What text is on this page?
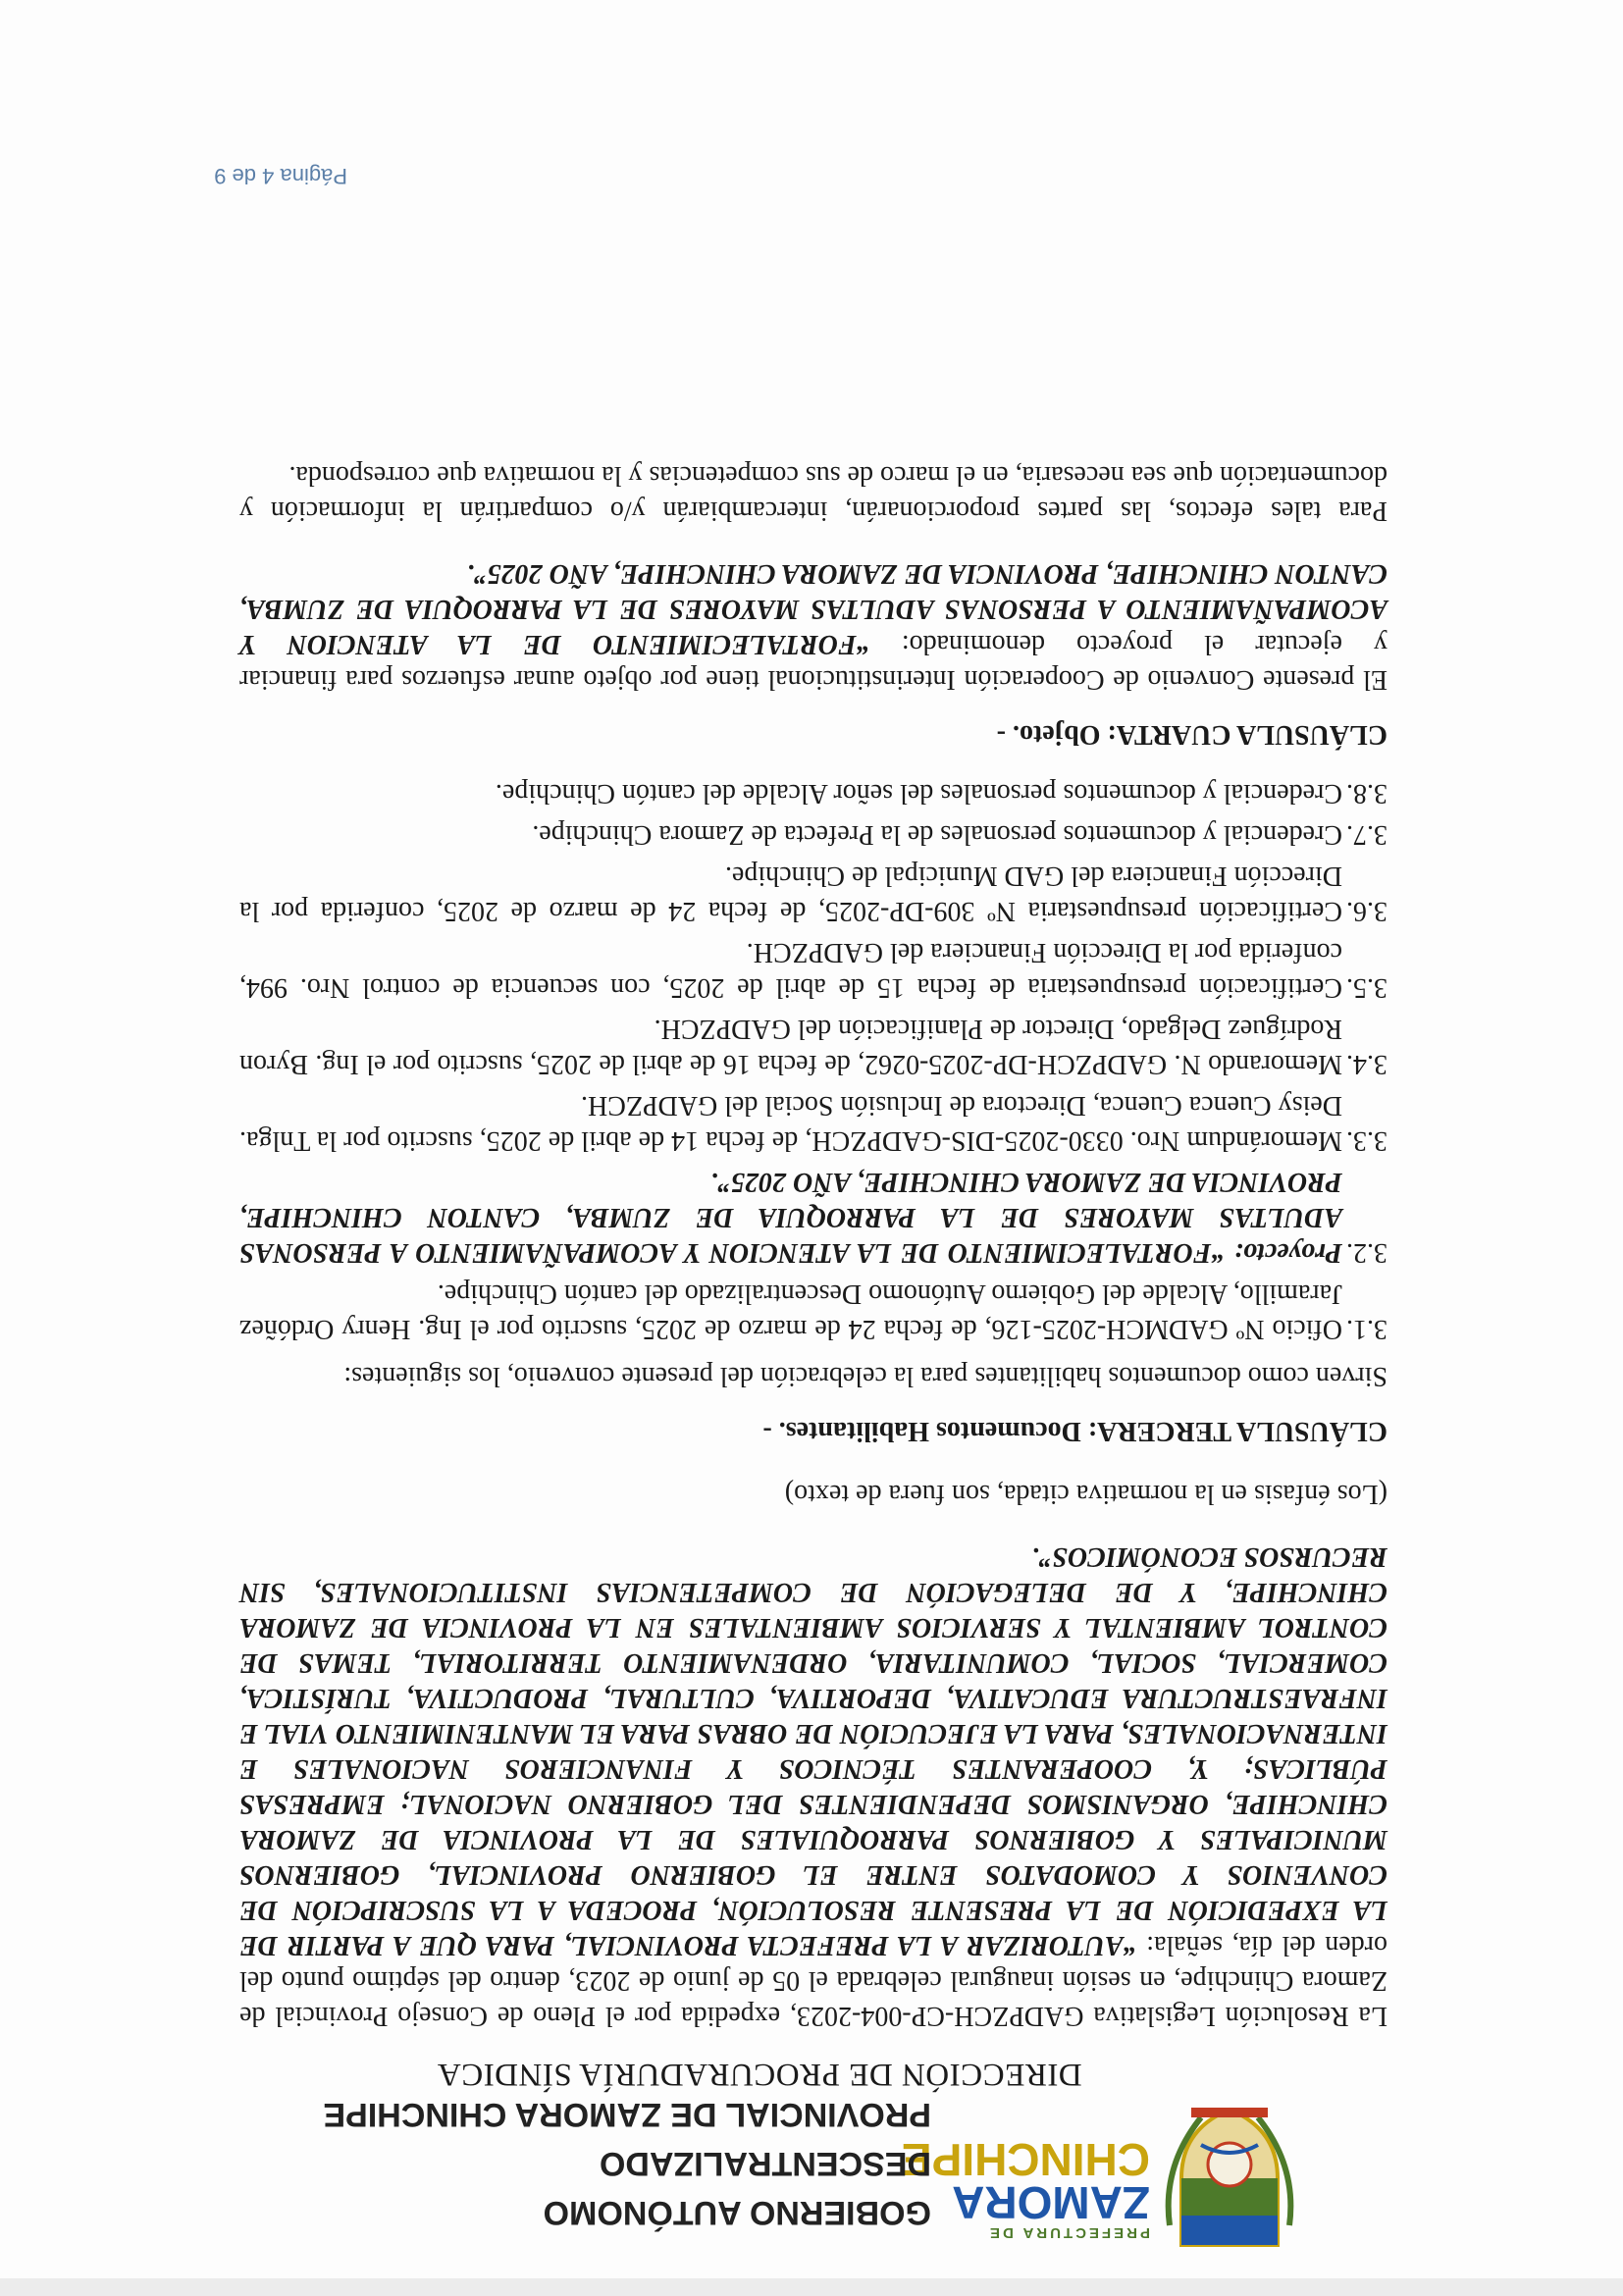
PREFECTURA DE
ZAMORA
CHINCHIPE
GOBIERNO AUTÓNOMO DESCENTRALIZADO
PROVINCIAL DE ZAMORA CHINCHIPE
DIRECCIÓN DE PROCURADURÍA SÍNDICA

La Resolución Legislativa GADPZCH-CP-004-2023, expedida por el Pleno de Consejo Provincial de Zamora Chinchipe, en sesión inaugural celebrada el 05 de junio de 2023, dentro del séptimo punto del orden del día, señala: “AUTORIZAR A LA PREFECTA PROVINCIAL, PARA QUE A PARTIR DE LA EXPEDICIÓN DE LA PRESENTE RESOLUCIÓN, PROCEDA A LA SUSCRIPCIÓN DE CONVENIOS Y COMODATOS ENTRE EL GOBIERNO PROVINCIAL, GOBIERNOS MUNICIPALES Y GOBIERNOS PARROQUIALES DE LA PROVINCIA DE ZAMORA CHINCHIPE, ORGANISMOS DEPENDIENTES DEL GOBIERNO NACIONAL; EMPRESAS PÚBLICAS; Y, COOPERANTES TÉCNICOS Y FINANCIEROS NACIONALES E INTERNACIONALES, PARA LA EJECUCIÓN DE OBRAS PARA EL MANTENIMIENTO VIAL E INFRAESTRUCTURA EDUCATIVA, DEPORTIVA, CULTURAL, PRODUCTIVA, TURÍSTICA, COMERCIAL, SOCIAL, COMUNITARIA, ORDENAMIENTO TERRITORIAL, TEMAS DE CONTROL AMBIENTAL Y SERVICIOS AMBIENTALES EN LA PROVINCIA DE ZAMORA CHINCHIPE, Y DE DELEGACIÓN DE COMPETENCIAS INSTITUCIONALES, SIN RECURSOS ECONÓMICOS”.

(Los énfasis en la normativa citada, son fuera de texto)

CLÁUSULA TERCERA: Documentos Habilitantes. -

Sirven como documentos habilitantes para la celebración del presente convenio, los siguientes:

3.1.Oficio Nº GADMCH-2025-126, de fecha 24 de marzo de 2025, suscrito por el Ing. Henry Ordóñez Jaramillo, Alcalde del Gobierno Autónomo Descentralizado del cantón Chinchipe.
3.2.Proyecto: “FORTALECIMIENTO DE LA ATENCION Y ACOMPAÑAMIENTO A PERSONAS ADULTAS MAYORES DE LA PARROQUIA DE ZUMBA, CANTON CHINCHIPE, PROVINCIA DE ZAMORA CHINCHIPE, AÑO 2025”.
3.3.Memorándum Nro. 0330-2025-DIS-GADPZCH, de fecha 14 de abril de 2025, suscrito por la Tnlga. Deisy Cuenca Cuenca, Directora de Inclusión Social del GADPZCH.
3.4.Memorando N. GADPZCH-DP-2025-0262, de fecha 16 de abril de 2025, suscrito por el Ing. Byron Rodríguez Delgado, Director de Planificación del GADPZCH.
3.5.Certificación presupuestaria de fecha 15 de abril de 2025, con secuencia de control Nro. 994, conferida por la Dirección Financiera del GADPZCH.
3.6.Certificación presupuestaria Nº 309-DP-2025, de fecha 24 de marzo de 2025, conferida por la Dirección Financiera del GAD Municipal de Chinchipe.
3.7.Credencial y documentos personales de la Prefecta de Zamora Chinchipe.
3.8.Credencial y documentos personales del señor Alcalde del cantón Chinchipe.
CLÁUSULA CUARTA: Objeto. -

El presente Convenio de Cooperación Interinstitucional tiene por objeto aunar esfuerzos para financiar y ejecutar el proyecto denominado: “FORTALECIMIENTO DE LA ATENCION Y ACOMPAÑAMIENTO A PERSONAS ADULTAS MAYORES DE LA PARROQUIA DE ZUMBA, CANTON CHINCHIPE, PROVINCIA DE ZAMORA CHINCHIPE, AÑO 2025”.

Para tales efectos, las partes proporcionarán, intercambiarán y/o compartirán la información y documentación que sea necesaria, en el marco de sus competencias y la normativa que corresponda.

Página 4 de 9
